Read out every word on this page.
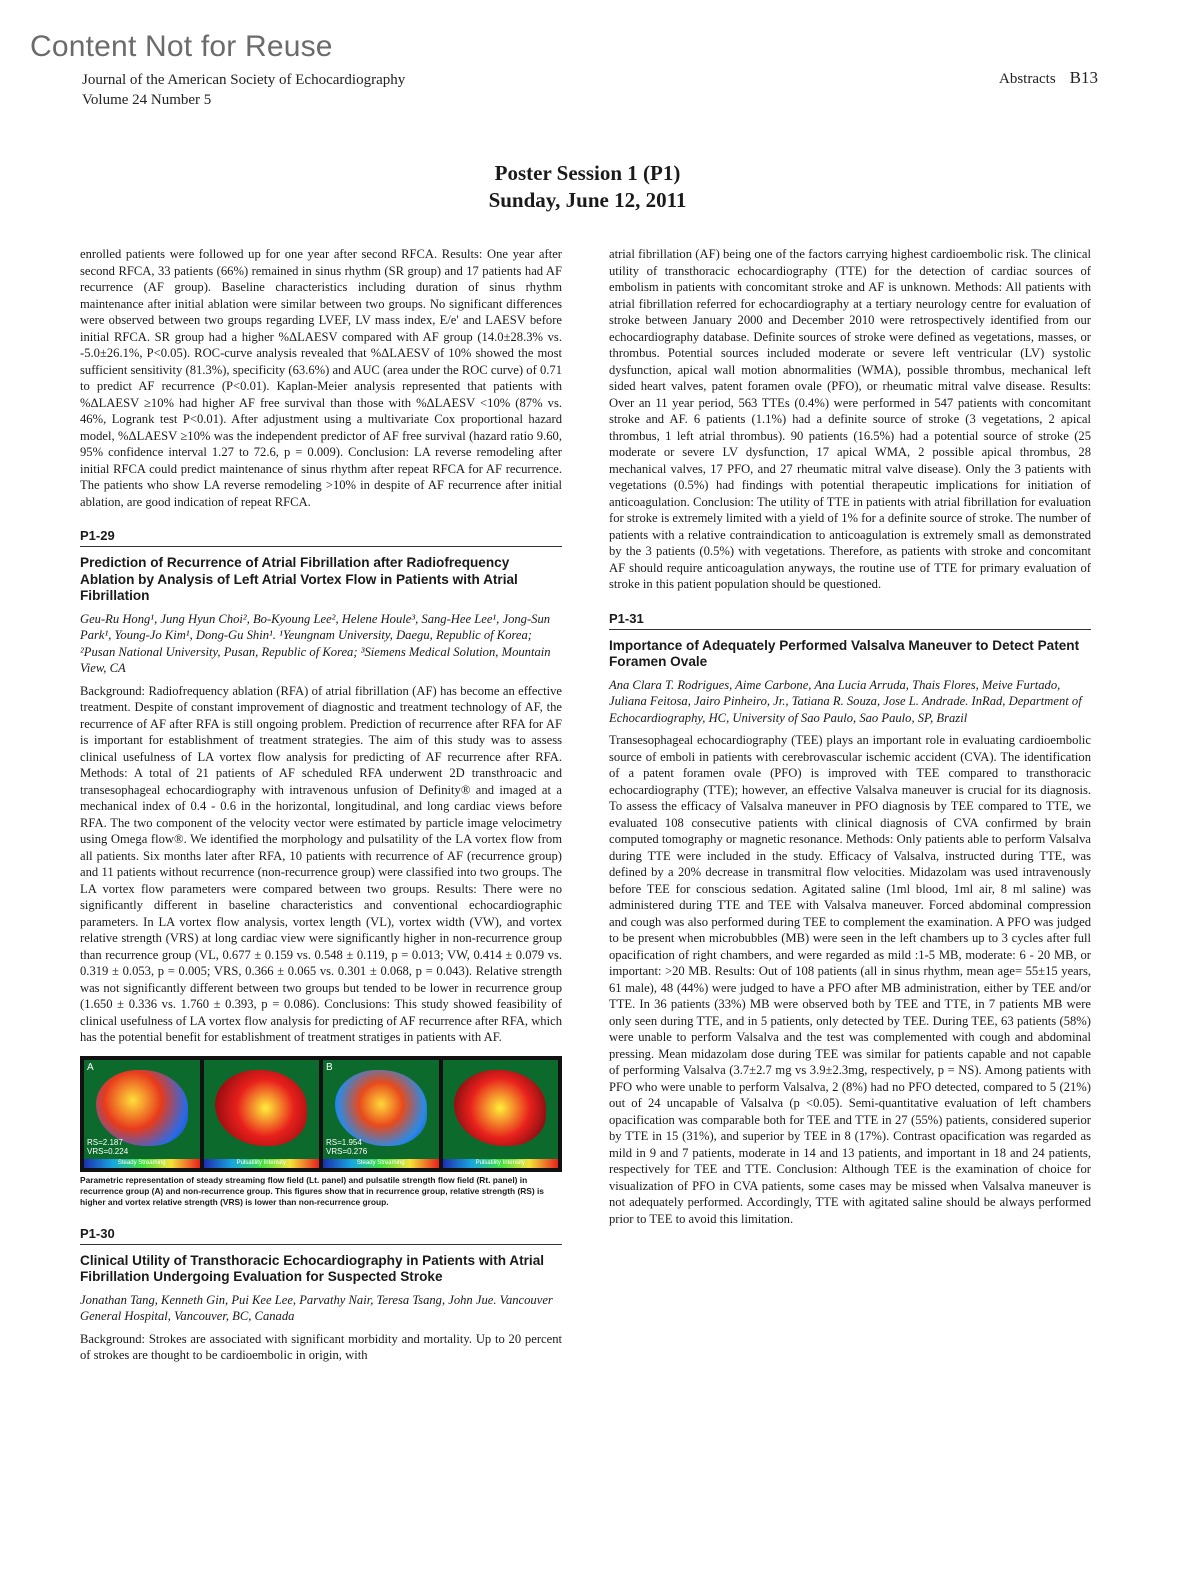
Content Not for Reuse
Journal of the American Society of Echocardiography
Volume 24 Number 5
Abstracts B13
Poster Session 1 (P1)
Sunday, June 12, 2011

enrolled patients were followed up for one year after second RFCA. Results: One year after second RFCA, 33 patients (66%) remained in sinus rhythm (SR group) and 17 patients had AF recurrence (AF group). Baseline characteristics including duration of sinus rhythm maintenance after initial ablation were similar between two groups. No significant differences were observed between two groups regarding LVEF, LV mass index, E/e' and LAESV before initial RFCA. SR group had a higher %ΔLAESV compared with AF group (14.0±28.3% vs. -5.0±26.1%, P<0.05). ROC-curve analysis revealed that %ΔLAESV of 10% showed the most sufficient sensitivity (81.3%), specificity (63.6%) and AUC (area under the ROC curve) of 0.71 to predict AF recurrence (P<0.01). Kaplan-Meier analysis represented that patients with %ΔLAESV ≥10% had higher AF free survival than those with %ΔLAESV <10% (87% vs. 46%, Logrank test P<0.01). After adjustment using a multivariate Cox proportional hazard model, %ΔLAESV ≥10% was the independent predictor of AF free survival (hazard ratio 9.60, 95% confidence interval 1.27 to 72.6, p = 0.009). Conclusion: LA reverse remodeling after initial RFCA could predict maintenance of sinus rhythm after repeat RFCA for AF recurrence. The patients who show LA reverse remodeling >10% in despite of AF recurrence after initial ablation, are good indication of repeat RFCA.

P1-29
Prediction of Recurrence of Atrial Fibrillation after Radiofrequency Ablation by Analysis of Left Atrial Vortex Flow in Patients with Atrial Fibrillation
Geu-Ru Hong¹, Jung Hyun Choi², Bo-Kyoung Lee², Helene Houle³, Sang-Hee Lee¹, Jong-Sun Park¹, Young-Jo Kim¹, Dong-Gu Shin¹. ¹Yeungnam University, Daegu, Republic of Korea; ²Pusan National University, Pusan, Republic of Korea; ³Siemens Medical Solution, Mountain View, CA

Background: Radiofrequency ablation (RFA) of atrial fibrillation (AF) has become an effective treatment. Despite of constant improvement of diagnostic and treatment technology of AF, the recurrence of AF after RFA is still ongoing problem. Prediction of recurrence after RFA for AF is important for establishment of treatment strategies. The aim of this study was to assess clinical usefulness of LA vortex flow analysis for predicting of AF recurrence after RFA. Methods: A total of 21 patients of AF scheduled RFA underwent 2D transthroacic and transesophageal echocardiography with intravenous unfusion of Definity® and imaged at a mechanical index of 0.4 - 0.6 in the horizontal, longitudinal, and long cardiac views before RFA. The two component of the velocity vector were estimated by particle image velocimetry using Omega flow®. We identified the morphology and pulsatility of the LA vortex flow from all patients. Six months later after RFA, 10 patients with recurrence of AF (recurrence group) and 11 patients without recurrence (non-recurrence group) were classified into two groups. The LA vortex flow parameters were compared between two groups. Results: There were no significantly different in baseline characteristics and conventional echocardiographic parameters. In LA vortex flow analysis, vortex length (VL), vortex width (VW), and vortex relative strength (VRS) at long cardiac view were significantly higher in non-recurrence group than recurrence group (VL, 0.677 ± 0.159 vs. 0.548 ± 0.119, p = 0.013; VW, 0.414 ± 0.079 vs. 0.319 ± 0.053, p = 0.005; VRS, 0.366 ± 0.065 vs. 0.301 ± 0.068, p = 0.043). Relative strength was not significantly different between two groups but tended to be lower in recurrence group (1.650 ± 0.336 vs. 1.760 ± 0.393, p = 0.086). Conclusions: This study showed feasibility of clinical usefulness of LA vortex flow analysis for predicting of AF recurrence after RFA, which has the potential benefit for establishment of treatment stratiges in patients with AF.

A
RS=2.187
VRS=0.224
Steady Streaming	Pulsatility Intensity
B
RS=1.954
VRS=0.276
Steady Streaming	Pulsatility Intensity
Parametric representation of steady streaming flow field (Lt. panel) and pulsatile strength flow field (Rt. panel) in recurrence group (A) and non-recurrence group. This figures show that in recurrence group, relative strength (RS) is higher and vortex relative strength (VRS) is lower than non-recurrence group.
P1-30
Clinical Utility of Transthoracic Echocardiography in Patients with Atrial Fibrillation Undergoing Evaluation for Suspected Stroke
Jonathan Tang, Kenneth Gin, Pui Kee Lee, Parvathy Nair, Teresa Tsang, John Jue. Vancouver General Hospital, Vancouver, BC, Canada

Background: Strokes are associated with significant morbidity and mortality. Up to 20 percent of strokes are thought to be cardioembolic in origin, with

atrial fibrillation (AF) being one of the factors carrying highest cardioembolic risk. The clinical utility of transthoracic echocardiography (TTE) for the detection of cardiac sources of embolism in patients with concomitant stroke and AF is unknown. Methods: All patients with atrial fibrillation referred for echocardiography at a tertiary neurology centre for evaluation of stroke between January 2000 and December 2010 were retrospectively identified from our echocardiography database. Definite sources of stroke were defined as vegetations, masses, or thrombus. Potential sources included moderate or severe left ventricular (LV) systolic dysfunction, apical wall motion abnormalities (WMA), possible thrombus, mechanical left sided heart valves, patent foramen ovale (PFO), or rheumatic mitral valve disease. Results: Over an 11 year period, 563 TTEs (0.4%) were performed in 547 patients with concomitant stroke and AF. 6 patients (1.1%) had a definite source of stroke (3 vegetations, 2 apical thrombus, 1 left atrial thrombus). 90 patients (16.5%) had a potential source of stroke (25 moderate or severe LV dysfunction, 17 apical WMA, 2 possible apical thrombus, 28 mechanical valves, 17 PFO, and 27 rheumatic mitral valve disease). Only the 3 patients with vegetations (0.5%) had findings with potential therapeutic implications for initiation of anticoagulation. Conclusion: The utility of TTE in patients with atrial fibrillation for evaluation for stroke is extremely limited with a yield of 1% for a definite source of stroke. The number of patients with a relative contraindication to anticoagulation is extremely small as demonstrated by the 3 patients (0.5%) with vegetations. Therefore, as patients with stroke and concomitant AF should require anticoagulation anyways, the routine use of TTE for primary evaluation of stroke in this patient population should be questioned.

P1-31
Importance of Adequately Performed Valsalva Maneuver to Detect Patent Foramen Ovale
Ana Clara T. Rodrigues, Aime Carbone, Ana Lucia Arruda, Thais Flores, Meive Furtado, Juliana Feitosa, Jairo Pinheiro, Jr., Tatiana R. Souza, Jose L. Andrade. InRad, Department of Echocardiography, HC, University of Sao Paulo, Sao Paulo, SP, Brazil

Transesophageal echocardiography (TEE) plays an important role in evaluating cardioembolic source of emboli in patients with cerebrovascular ischemic accident (CVA). The identification of a patent foramen ovale (PFO) is improved with TEE compared to transthoracic echocardiography (TTE); however, an effective Valsalva maneuver is crucial for its diagnosis. To assess the efficacy of Valsalva maneuver in PFO diagnosis by TEE compared to TTE, we evaluated 108 consecutive patients with clinical diagnosis of CVA confirmed by brain computed tomography or magnetic resonance. Methods: Only patients able to perform Valsalva during TTE were included in the study. Efficacy of Valsalva, instructed during TTE, was defined by a 20% decrease in transmitral flow velocities. Midazolam was used intravenously before TEE for conscious sedation. Agitated saline (1ml blood, 1ml air, 8 ml saline) was administered during TTE and TEE with Valsalva maneuver. Forced abdominal compression and cough was also performed during TEE to complement the examination. A PFO was judged to be present when microbubbles (MB) were seen in the left chambers up to 3 cycles after full opacification of right chambers, and were regarded as mild :1-5 MB, moderate: 6 - 20 MB, or important: >20 MB. Results: Out of 108 patients (all in sinus rhythm, mean age= 55±15 years, 61 male), 48 (44%) were judged to have a PFO after MB administration, either by TEE and/or TTE. In 36 patients (33%) MB were observed both by TEE and TTE, in 7 patients MB were only seen during TTE, and in 5 patients, only detected by TEE. During TEE, 63 patients (58%) were unable to perform Valsalva and the test was complemented with cough and abdominal pressing. Mean midazolam dose during TEE was similar for patients capable and not capable of performing Valsalva (3.7±2.7 mg vs 3.9±2.3mg, respectively, p = NS). Among patients with PFO who were unable to perform Valsalva, 2 (8%) had no PFO detected, compared to 5 (21%) out of 24 uncapable of Valsalva (p <0.05). Semi-quantitative evaluation of left chambers opacification was comparable both for TEE and TTE in 27 (55%) patients, considered superior by TTE in 15 (31%), and superior by TEE in 8 (17%). Contrast opacification was regarded as mild in 9 and 7 patients, moderate in 14 and 13 patients, and important in 18 and 24 patients, respectively for TEE and TTE. Conclusion: Although TEE is the examination of choice for visualization of PFO in CVA patients, some cases may be missed when Valsalva maneuver is not adequately performed. Accordingly, TTE with agitated saline should be always performed prior to TEE to avoid this limitation.
